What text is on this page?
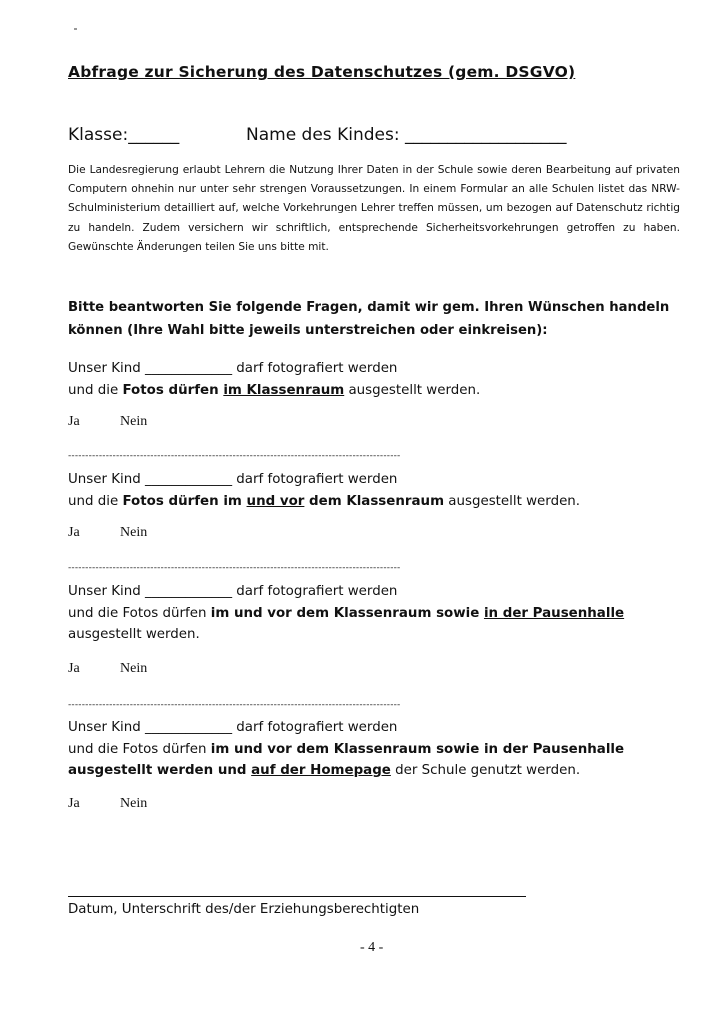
Abfrage zur Sicherung des Datenschutzes (gem. DSGVO)
Klasse:______	Name des Kindes: ___________________
Die Landesregierung erlaubt Lehrern die Nutzung Ihrer Daten in der Schule sowie deren Bearbeitung auf privaten Computern ohnehin nur unter sehr strengen Voraussetzungen. In einem Formular an alle Schulen listet das NRW-Schulministerium detailliert auf, welche Vorkehrungen Lehrer treffen müssen, um bezogen auf Datenschutz richtig zu handeln. Zudem versichern wir schriftlich, entsprechende Sicherheitsvorkehrungen getroffen zu haben. Gewünschte Änderungen teilen Sie uns bitte mit.
Bitte beantworten Sie folgende Fragen, damit wir gem. Ihren Wünschen handeln können (Ihre Wahl bitte jeweils unterstreichen oder einkreisen):
Unser Kind _____________ darf fotografiert werden
und die Fotos dürfen im Klassenraum ausgestellt werden.
Ja	Nein
-------------------------------------------------------------------------------------------------
Unser Kind _____________ darf fotografiert werden
und die Fotos dürfen im und vor dem Klassenraum ausgestellt werden.
Ja	Nein
-------------------------------------------------------------------------------------------------
Unser Kind _____________ darf fotografiert werden
und die Fotos dürfen im und vor dem Klassenraum sowie in der Pausenhalle ausgestellt werden.
Ja	Nein
-------------------------------------------------------------------------------------------------
Unser Kind _____________ darf fotografiert werden
und die Fotos dürfen im und vor dem Klassenraum sowie in der Pausenhalle ausgestellt werden und auf der Homepage der Schule genutzt werden.
Ja	Nein
Datum, Unterschrift des/der Erziehungsberechtigten
- 4 -
